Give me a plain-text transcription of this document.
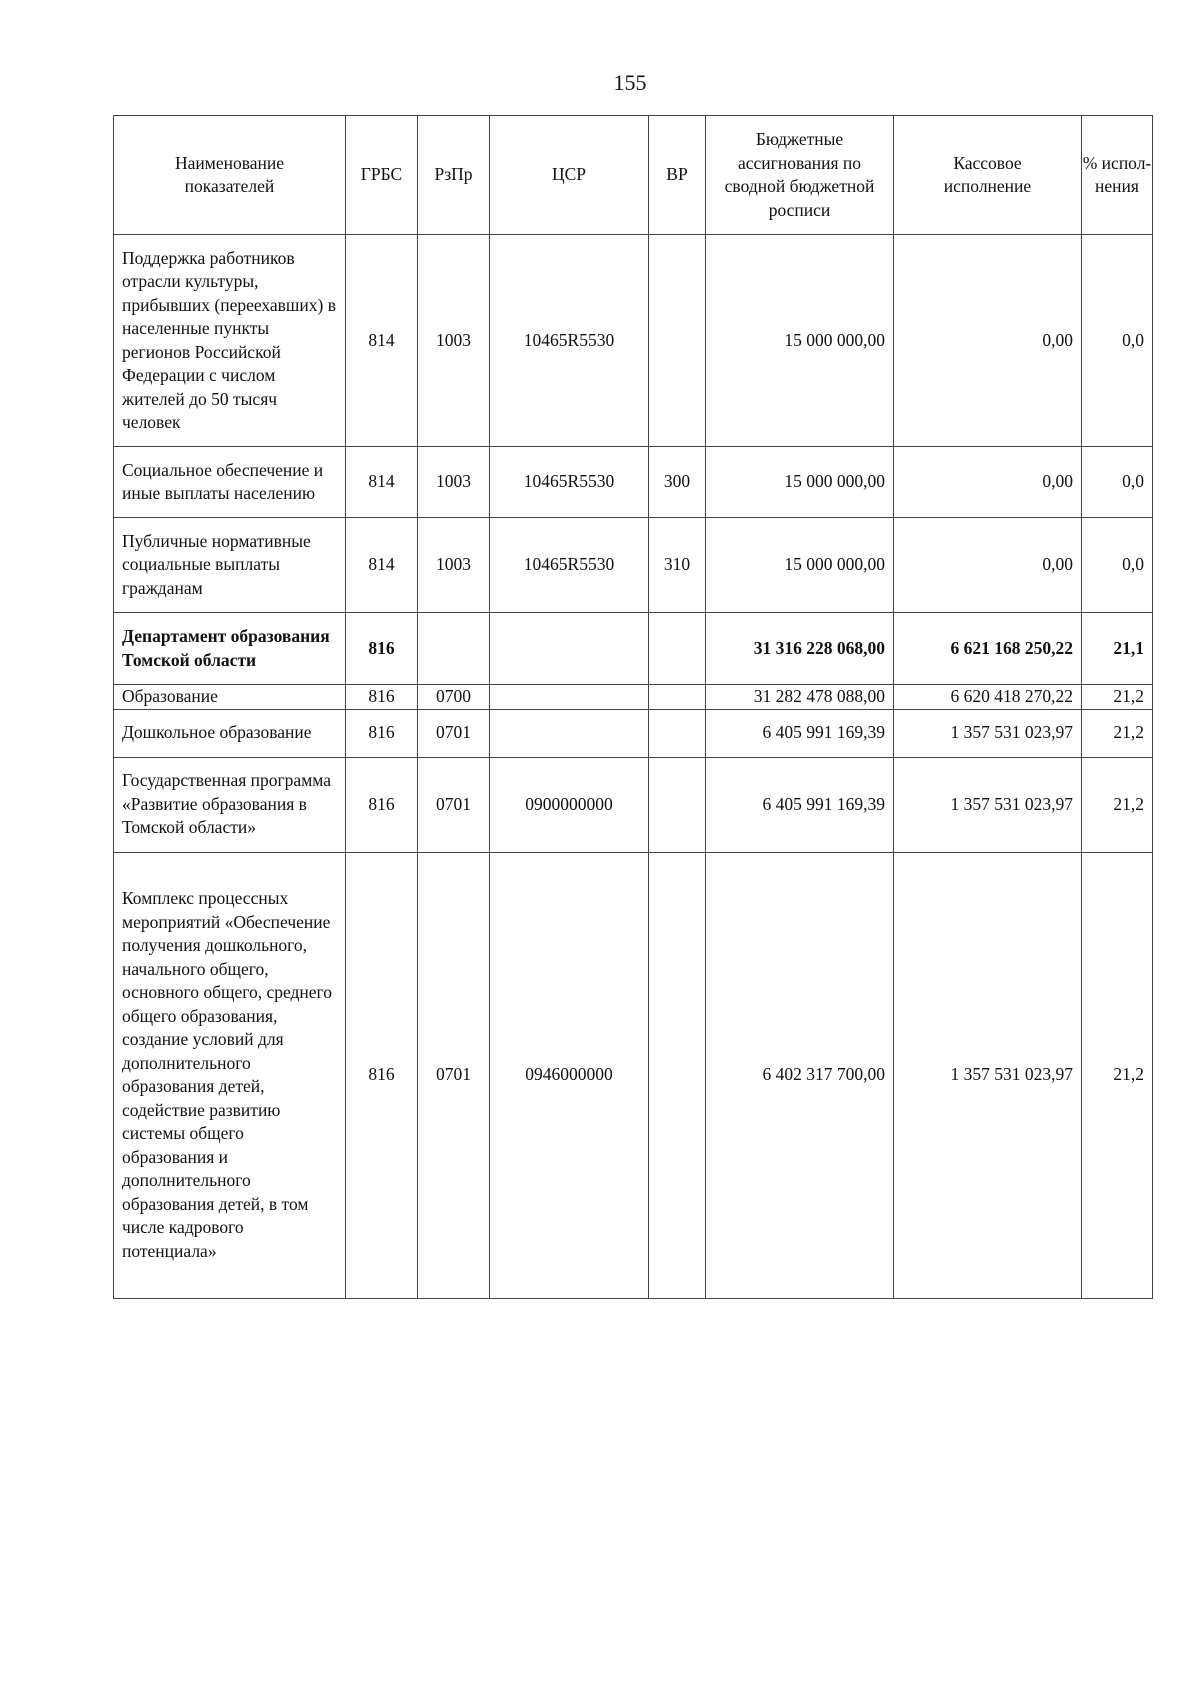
155
Наименование показателей	ГРБС	РзПр	ЦСР	ВР	Бюджетные ассигнования по сводной бюджетной росписи	Кассовое исполнение	% испол-нения
Поддержка работников отрасли культуры, прибывших (переехавших) в населенные пункты регионов Российской Федерации с числом жителей до 50 тысяч человек	814	1003	10465R5530		15 000 000,00	0,00	0,0
Социальное обеспечение и иные выплаты населению	814	1003	10465R5530	300	15 000 000,00	0,00	0,0
Публичные нормативные социальные выплаты гражданам	814	1003	10465R5530	310	15 000 000,00	0,00	0,0
Департамент образования Томской области	816				31 316 228 068,00	6 621 168 250,22	21,1
Образование	816	0700			31 282 478 088,00	6 620 418 270,22	21,2
Дошкольное образование	816	0701			6 405 991 169,39	1 357 531 023,97	21,2
Государственная программа «Развитие образования в Томской области»	816	0701	0900000000		6 405 991 169,39	1 357 531 023,97	21,2
Комплекс процессных мероприятий «Обеспечение получения дошкольного, начального общего, основного общего, среднего общего образования, создание условий для дополнительного образования детей, содействие развитию системы общего образования и дополнительного образования детей, в том числе кадрового потенциала»	816	0701	0946000000		6 402 317 700,00	1 357 531 023,97	21,2
